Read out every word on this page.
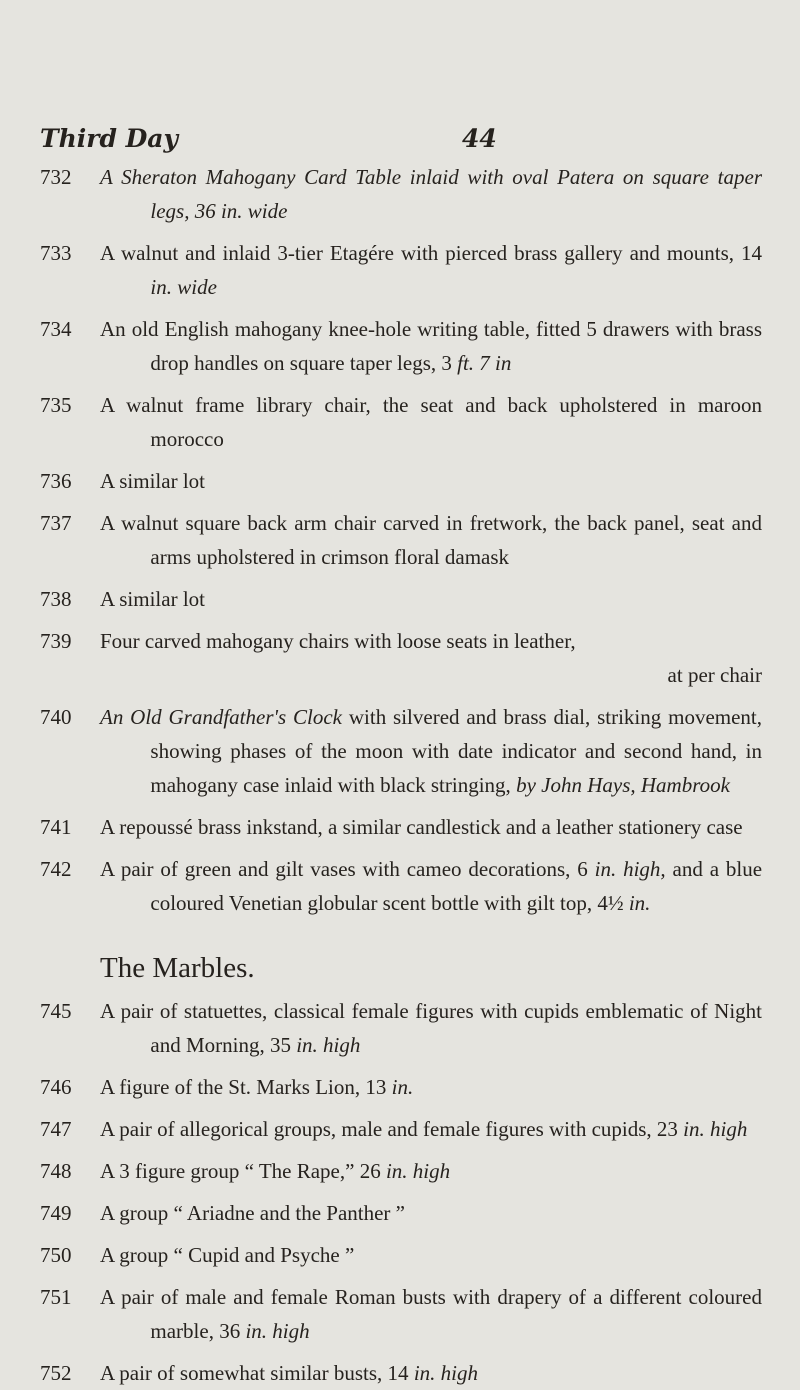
Third Day	44
732	A Sheraton Mahogany Card Table inlaid with oval Patera on square taper legs, 36 in. wide
733	A walnut and inlaid 3-tier Etagére with pierced brass gallery and mounts, 14 in. wide
734	An old English mahogany knee-hole writing table, fitted 5 drawers with brass drop handles on square taper legs, 3 ft. 7 in
735	A walnut frame library chair, the seat and back upholstered in maroon morocco
736	A similar lot
737	A walnut square back arm chair carved in fretwork, the back panel, seat and arms upholstered in crimson floral damask
738	A similar lot
739	Four carved mahogany chairs with loose seats in leather,
at per chair
740	An Old Grandfather's Clock with silvered and brass dial, striking movement, showing phases of the moon with date indicator and second hand, in mahogany case inlaid with black stringing, by John Hays, Hambrook
741	A repoussé brass inkstand, a similar candlestick and a leather stationery case
742	A pair of green and gilt vases with cameo decorations, 6 in. high, and a blue coloured Venetian globular scent bottle with gilt top, 4½ in.
The Marbles.
745	A pair of statuettes, classical female figures with cupids emblematic of Night and Morning, 35 in. high
746	A figure of the St. Marks Lion, 13 in.
747	A pair of allegorical groups, male and female figures with cupids, 23 in. high
748	A 3 figure group “ The Rape,” 26 in. high
749	A group “ Ariadne and the Panther ”
750	A group “ Cupid and Psyche ”
751	A pair of male and female Roman busts with drapery of a different coloured marble, 36 in. high
752	A pair of somewhat similar busts, 14 in. high
